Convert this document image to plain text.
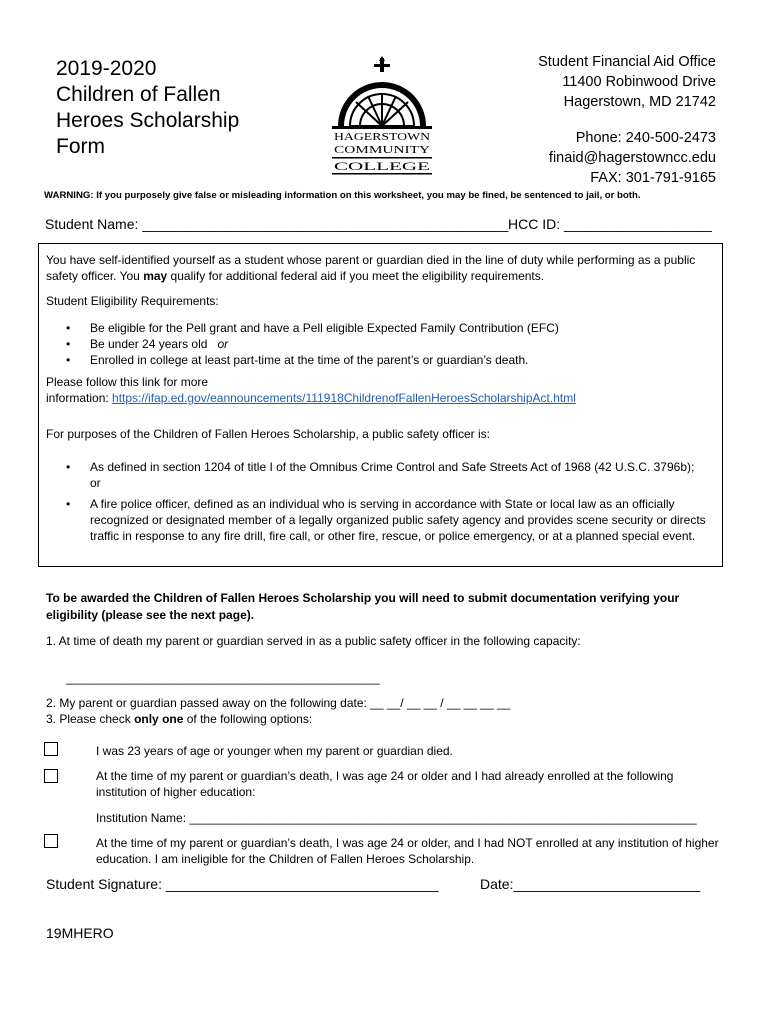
2019-2020
Children of Fallen
Heroes Scholarship
Form	HAGERSTOWN
COMMUNITY
COLLEGE
Student Financial Aid Office
11400 Robinwood Drive
Hagerstown, MD 21742
Phone: 240-500-2473
finaid@hagerstowncc.edu
FAX: 301-791-9165
WARNING: If you purposely give false or misleading information on this worksheet, you may be fined, be sentenced to jail, or both.
Student Name: _______________________________________________ HCC ID: ___________________
You have self-identified yourself as a student whose parent or guardian died in the line of duty while performing as a public safety officer. You may qualify for additional federal aid if you meet the eligibility requirements.
Student Eligibility Requirements:
• Be eligible for the Pell grant and have a Pell eligible Expected Family Contribution (EFC)
• Be under 24 years old or
• Enrolled in college at least part-time at the time of the parent’s or guardian’s death.
Please follow this link for more
information: https://ifap.ed.gov/eannouncements/111918ChildrenofFallenHeroesScholarshipAct.html
For purposes of the Children of Fallen Heroes Scholarship, a public safety officer is:
• As defined in section 1204 of title I of the Omnibus Crime Control and Safe Streets Act of 1968 (42 U.S.C. 3796b); or
• A fire police officer, defined as an individual who is serving in accordance with State or local law as an officially recognized or designated member of a legally organized public safety agency and provides scene security or directs traffic in response to any fire drill, fire call, or other fire, rescue, or police emergency, or at a planned special event.
To be awarded the Children of Fallen Heroes Scholarship you will need to submit documentation verifying your eligibility (please see the next page).
1. At time of death my parent or guardian served in as a public safety officer in the following capacity:
_______________________________________________
2. My parent or guardian passed away on the following date: __ __/ __ __ / __ __ __ __
3. Please check only one of the following options:
I was 23 years of age or younger when my parent or guardian died.
At the time of my parent or guardian’s death, I was age 24 or older and I had already enrolled at the following institution of higher education:
Institution Name: ____________________________________________________________________________
At the time of my parent or guardian’s death, I was age 24 or older, and I had NOT enrolled at any institution of higher education. I am ineligible for the Children of Fallen Heroes Scholarship.
Student Signature: ___________________________________	Date:________________________
19MHERO
